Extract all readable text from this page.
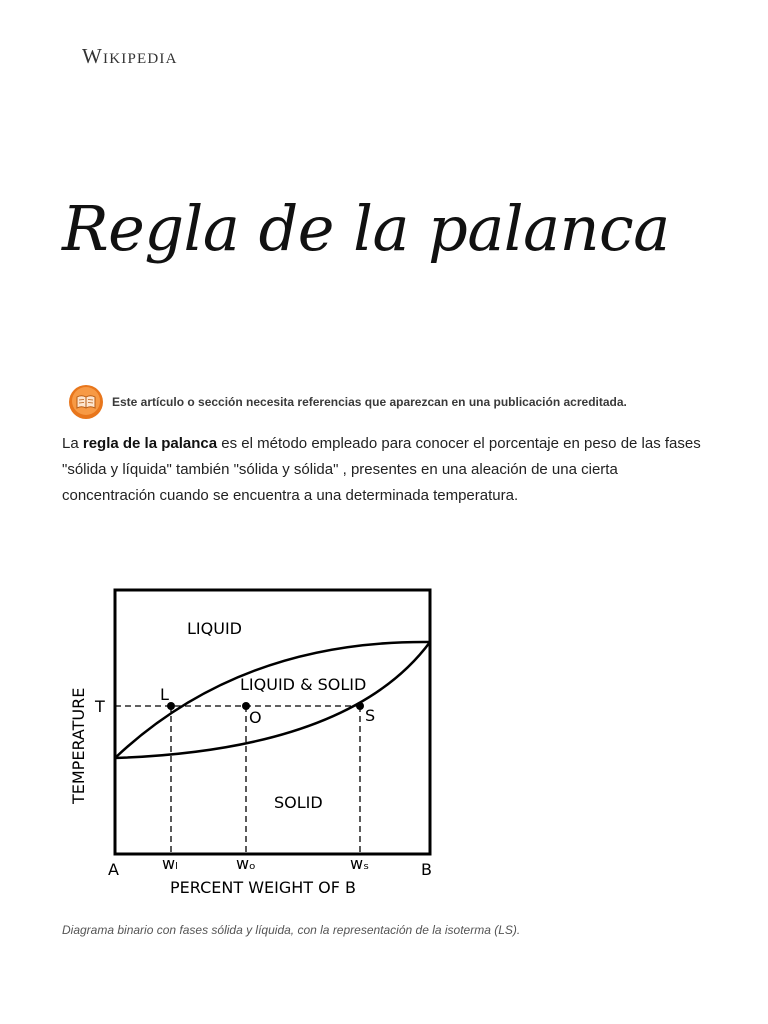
Wikipedia
Regla de la palanca
Este artículo o sección necesita referencias que aparezcan en una publicación acreditada.

La regla de la palanca es el método empleado para conocer el porcentaje en peso de las fases "sólida y líquida" también "sólida y sólida" , presentes en una aleación de una cierta concentración cuando se encuentra a una determinada temperatura.

LIQUID
LIQUID & SOLID
SOLID
T
L
O	S
A	B
wₗ	wₒ	wₛ
TEMPERATURE
PERCENT WEIGHT OF B

Diagrama binario con fases sólida y líquida, con la representación de la isoterma (LS).
